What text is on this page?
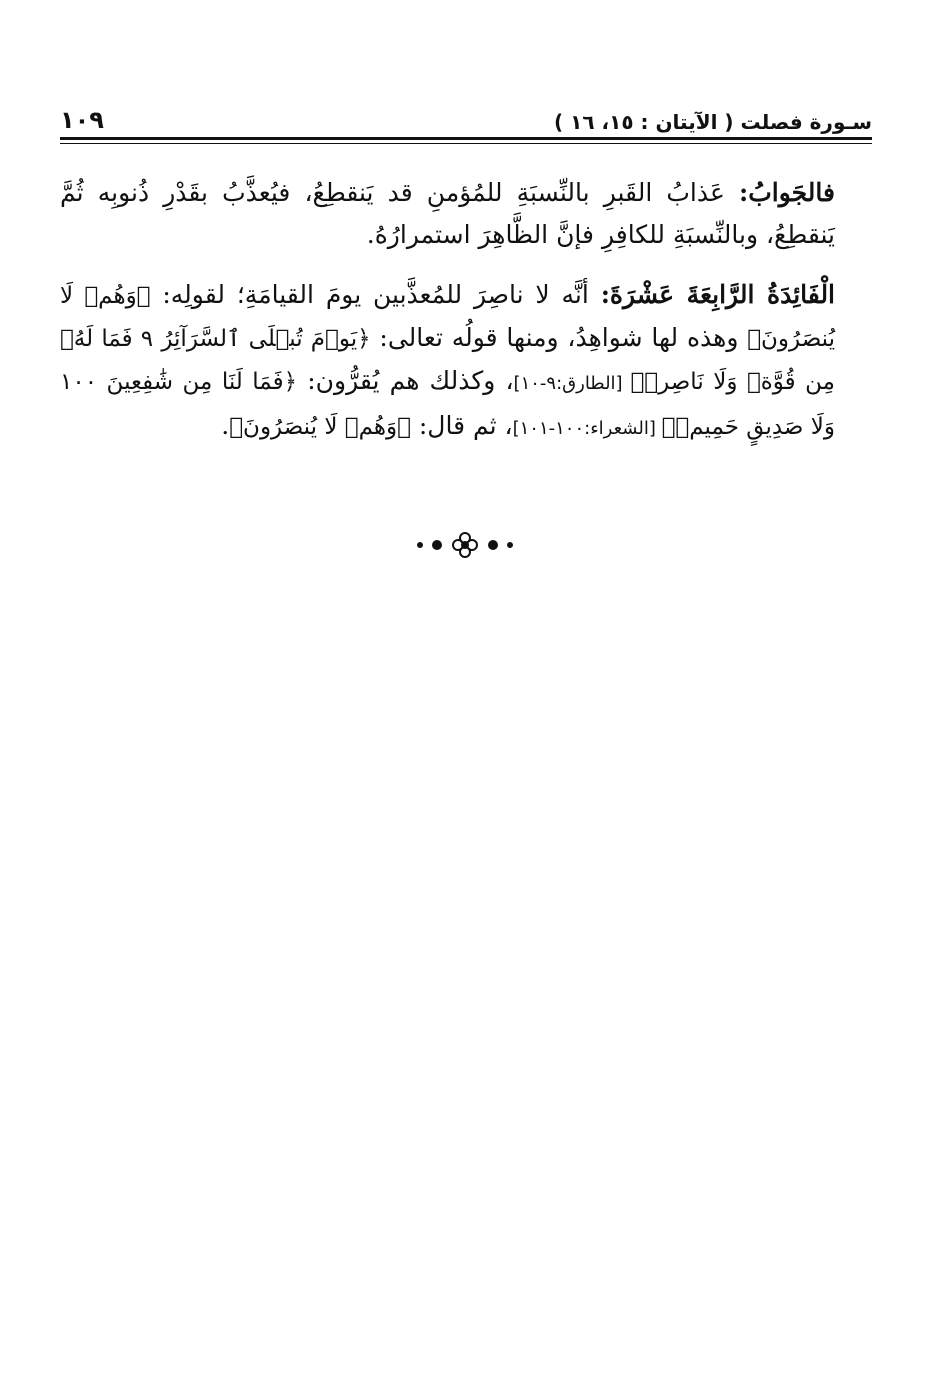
سـورة فصلت ( الآيتان : ١٥، ١٦ )
١٠٩

فالجَوابُ: عَذابُ القَبرِ بالنِّسبَةِ للمُؤمنِ قد يَنقطِعُ، فيُعذَّبُ بقَدْرِ ذُنوبِه ثُمَّ يَنقطِعُ، وبالنِّسبَةِ للكافِرِ فإنَّ الظَّاهِرَ استمرارُهُ.

الْفَائِدَةُ الرَّابِعَةَ عَشْرَةَ: أنَّه لا ناصِرَ للمُعذَّبين يومَ القيامَةِ؛ لقولِه: ﴿وَهُمۡ لَا يُنصَرُونَ﴾ وهذه لها شواهِدُ، ومنها قولُه تعالى: ﴿يَوۡمَ تُبۡلَى ٱلسَّرَآئِرُ ٩ فَمَا لَهُۥ مِن قُوَّةٖ وَلَا نَاصِرٖ﴾ [الطارق:٩-١٠]، وكذلك هم يُقرُّون: ﴿فَمَا لَنَا مِن شَٰفِعِينَ ١٠٠ وَلَا صَدِيقٍ حَمِيمٖ﴾ [الشعراء:١٠٠-١٠١]، ثم قال: ﴿وَهُمۡ لَا يُنصَرُونَ﴾.
